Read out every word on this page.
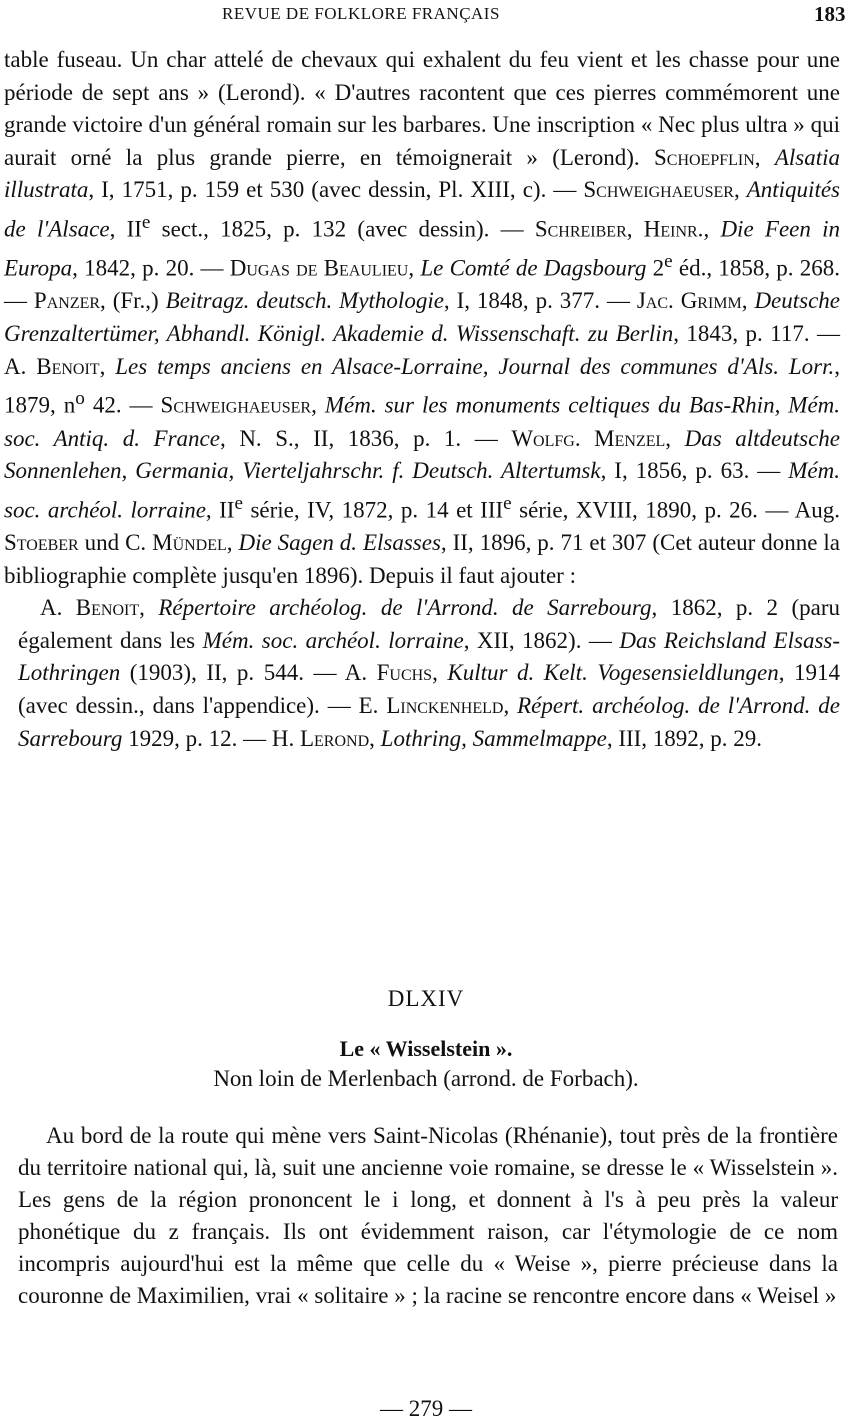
REVUE DE FOLKLORE FRANÇAIS	183

table fuseau. Un char attelé de chevaux qui exhalent du feu vient et les chasse pour une période de sept ans » (Lerond). « D'autres racontent que ces pierres commémorent une grande victoire d'un général romain sur les barbares. Une inscription « Nec plus ultra » qui aurait orné la plus grande pierre, en témoignerait » (Lerond). Schoepflin, Alsatia illustrata, I, 1751, p. 159 et 530 (avec dessin, Pl. XIII, c). — Schweighaeuser, Antiquités de l'Alsace, IIe sect., 1825, p. 132 (avec dessin). — Schreiber, Heinr., Die Feen in Europa, 1842, p. 20. — Dugas de Beaulieu, Le Comté de Dagsbourg 2e éd., 1858, p. 268. — Panzer, (Fr.,) Beitragz. deutsch. Mythologie, I, 1848, p. 377. — Jac. Grimm, Deutsche Grenzaltertümer, Abhandl. Königl. Akademie d. Wissenschaft. zu Berlin, 1843, p. 117. — A. Benoit, Les temps anciens en Alsace-Lorraine, Journal des communes d'Als. Lorr., 1879, $n^o$ 42. — Schweighaeuser, Mém. sur les monuments celtiques du Bas-Rhin, Mém. soc. Antiq. d. France, N. S., II, 1836, p. 1. — Wolfg. Menzel, Das altdeutsche Sonnenlehen, Germania, Vierteljahrschr. f. Deutsch. Altertumsk, I, 1856, p. 63. — Mém. soc. archéol. lorraine, IIe série, IV, 1872, p. 14 et IIIe série, XVIII, 1890, p. 26. — Aug. Stoeber und C. Mündel, Die Sagen d. Elsasses, II, 1896, p. 71 et 307 (Cet auteur donne la bibliographie complète jusqu'en 1896). Depuis il faut ajouter :

A. Benoit, Répertoire archéolog. de l'Arrond. de Sarrebourg, 1862, p. 2 (paru également dans les Mém. soc. archéol. lorraine, XII, 1862). — Das Reichsland Elsass-Lothringen (1903), II, p. 544. — A. Fuchs, Kultur d. Kelt. Vogesensieldlungen, 1914 (avec dessin., dans l'appendice). — E. Linckenheld, Répert. archéolog. de l'Arrond. de Sarrebourg 1929, p. 12. — H. Lerond, Lothring, Sammelmappe, III, 1892, p. 29.

DLXIV
Le « Wisselstein ».
Non loin de Merlenbach (arrond. de Forbach).

Au bord de la route qui mène vers Saint-Nicolas (Rhénanie), tout près de la frontière du territoire national qui, là, suit une ancienne voie romaine, se dresse le « Wisselstein ». Les gens de la région prononcent le i long, et donnent à l's à peu près la valeur phonétique du z français. Ils ont évidemment raison, car l'étymologie de ce nom incompris aujourd'hui est la même que celle du « Weise », pierre précieuse dans la couronne de Maximilien, vrai « solitaire » ; la racine se rencontre encore dans « Weisel »

— 279 —
